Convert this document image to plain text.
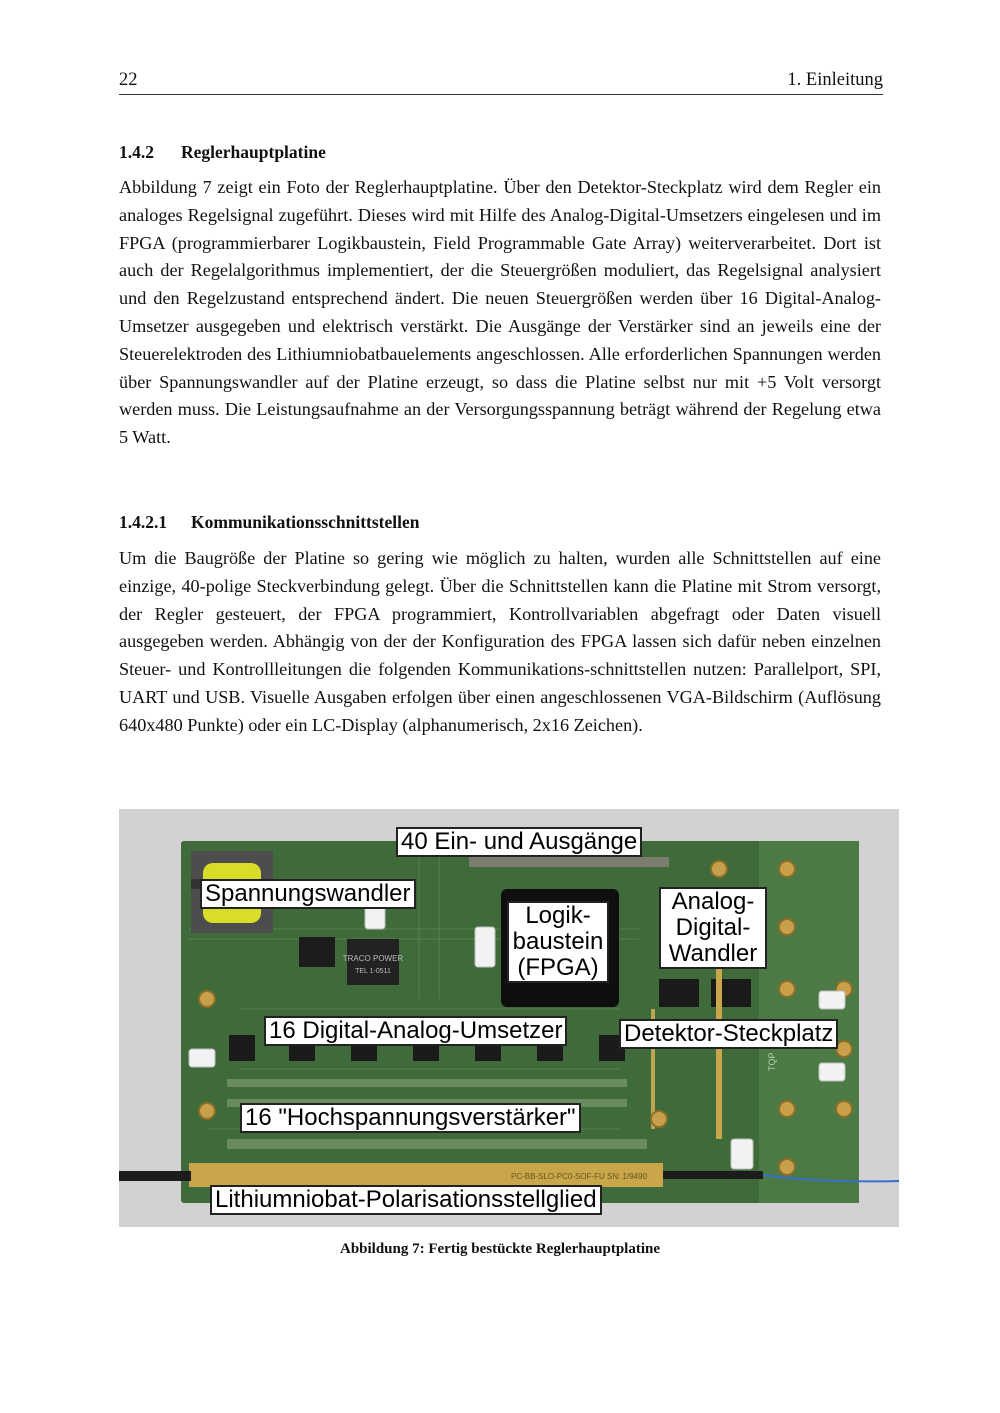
22	1. Einleitung
1.4.2 Reglerhauptplatine

Abbildung 7 zeigt ein Foto der Reglerhauptplatine. Über den Detektor-Steckplatz wird dem Regler ein analoges Regelsignal zugeführt. Dieses wird mit Hilfe des Analog-Digital-Umsetzers eingelesen und im FPGA (programmierbarer Logikbaustein, Field Programmable Gate Array) weiterverarbeitet. Dort ist auch der Regelalgorithmus implementiert, der die Steuergrößen moduliert, das Regelsignal analysiert und den Regelzustand entsprechend ändert. Die neuen Steuergrößen werden über 16 Digital-Analog-Umsetzer ausgegeben und elektrisch verstärkt. Die Ausgänge der Verstärker sind an jeweils eine der Steuerelektroden des Lithiumniobatbauelements angeschlossen. Alle erforderlichen Spannungen werden über Spannungswandler auf der Platine erzeugt, so dass die Platine selbst nur mit +5 Volt versorgt werden muss. Die Leistungsaufnahme an der Versorgungsspannung beträgt während der Regelung etwa 5 Watt.

1.4.2.1 Kommunikationsschnittstellen

Um die Baugröße der Platine so gering wie möglich zu halten, wurden alle Schnittstellen auf eine einzige, 40-polige Steckverbindung gelegt. Über die Schnittstellen kann die Platine mit Strom versorgt, der Regler gesteuert, der FPGA programmiert, Kontrollvariablen abgefragt oder Daten visuell ausgegeben werden. Abhängig von der der Konfiguration des FPGA lassen sich dafür neben einzelnen Steuer- und Kontrollleitungen die folgenden Kommunikations-schnittstellen nutzen: Parallelport, SPI, UART und USB. Visuelle Ausgaben erfolgen über einen angeschlossenen VGA-Bildschirm (Auflösung 640x480 Punkte) oder ein LC-Display (alphanumerisch, 2x16 Zeichen).

TRACO POWER
TEL 1-0511
TQP
PC-BB-SLO-PC0-SOF-FU SN: 1/9490
40 Ein- und Ausgänge
Spannungswandler
Logik-baustein (FPGA)
Analog-Digital-Wandler
16 Digital-Analog-Umsetzer	Detektor-Steckplatz
16 "Hochspannungsverstärker"
Lithiumniobat-Polarisationsstellglied
Abbildung 7: Fertig bestückte Reglerhauptplatine
